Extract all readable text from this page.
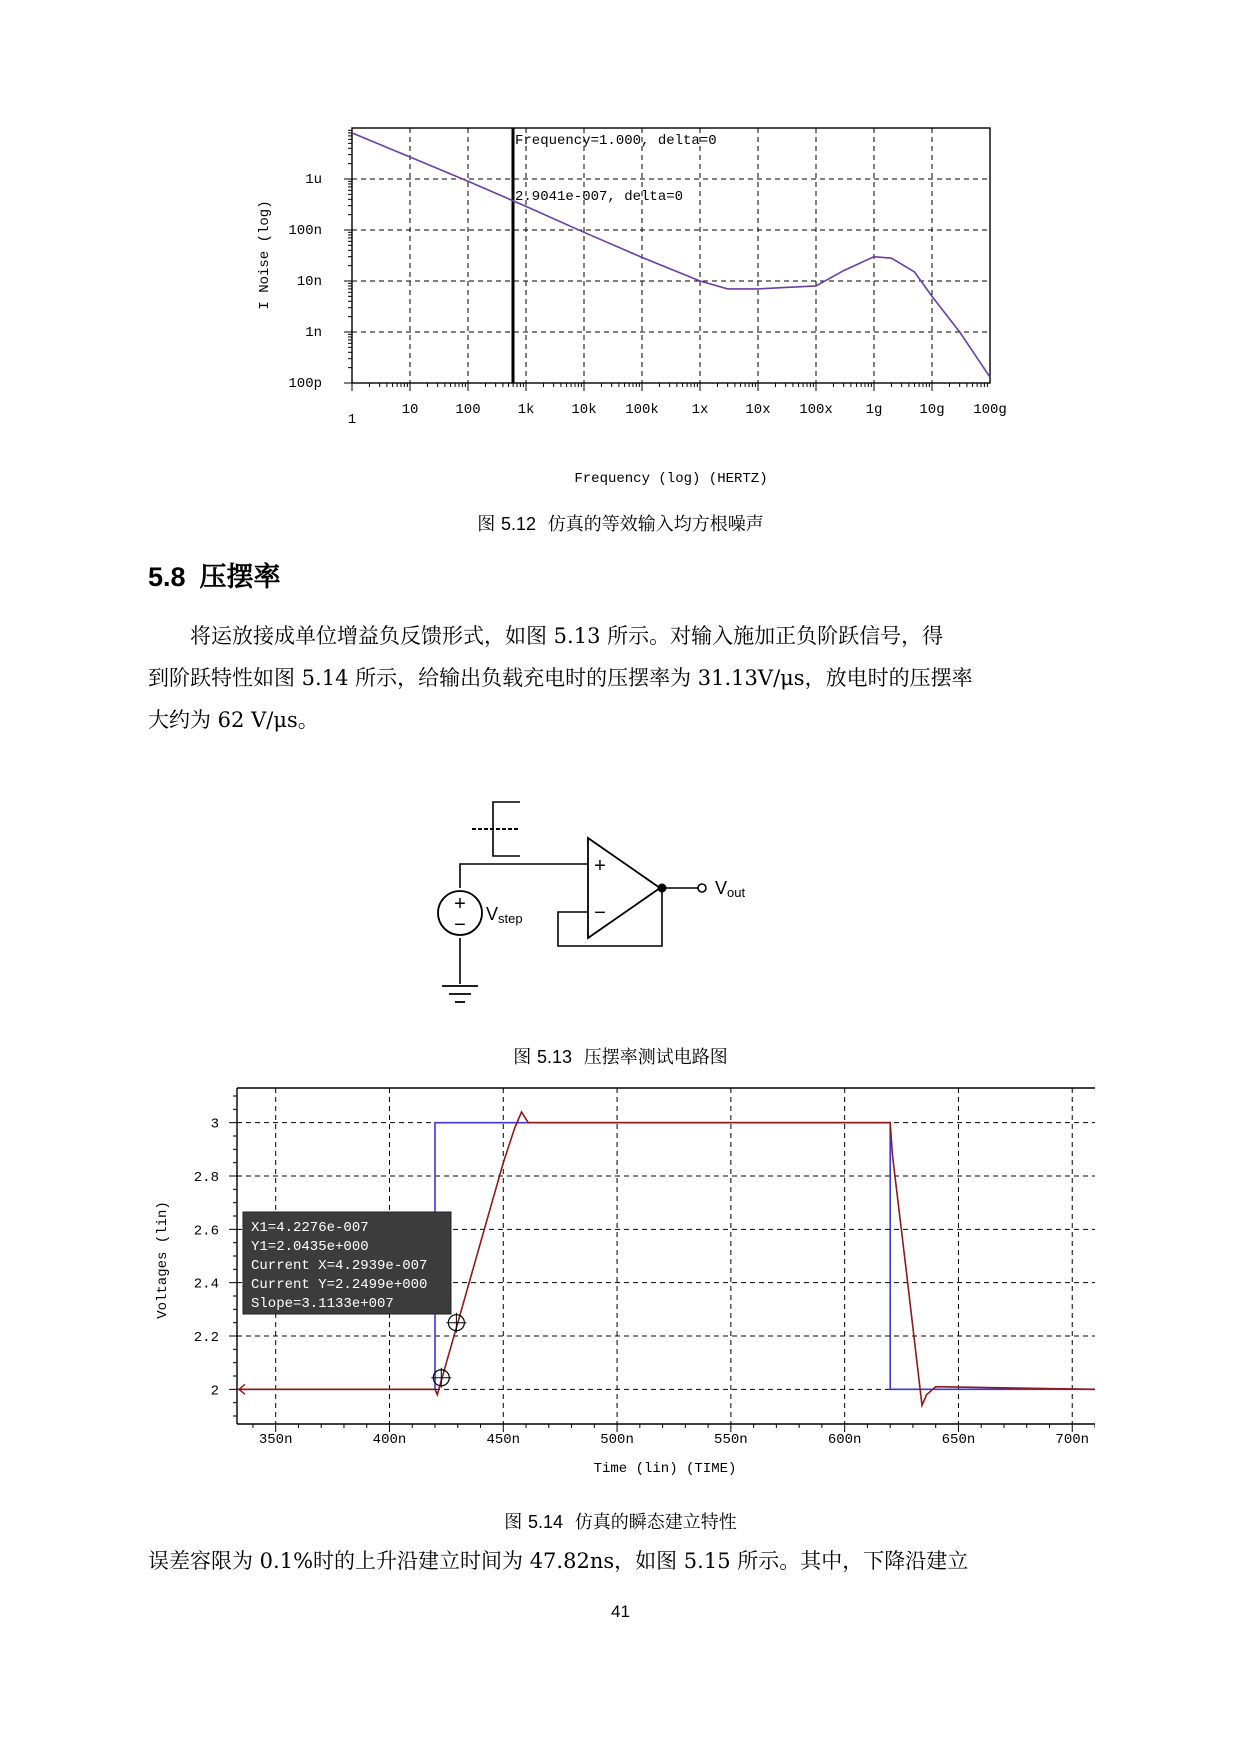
1
10	100	1k	10k 100k 1x	10x 100x 1g	10g 100g
1u
100n
10n
1n
100p
Frequency=1.000, delta=0
2.9041e-007, delta=0
I Noise (log)
Frequency (log) (HERTZ)
图 5.12 仿真的等效输入均方根噪声
5.8 压摆率

将运放接成单位增益负反馈形式，如图 5.13 所示。对输入施加正负阶跃信号，得

到阶跃特性如图 5.14 所示，给输出负载充电时的压摆率为 31.13V/μs，放电时的压摆率

大约为 62 V/μs。

+
−
Vout
+
− Vstep
图 5.13 压摆率测试电路图
350n	400n	450n	500n	550n	600n	650n	700n
3
2.8
2.6
2.4
2.2
2
Voltages (lin)
Time (lin) (TIME)
X1=4.2276e-007
Y1=2.0435e+000
Current X=4.2939e-007
Current Y=2.2499e+000
Slope=3.1133e+007
图 5.14 仿真的瞬态建立特性

误差容限为 0.1%时的上升沿建立时间为 47.82ns，如图 5.15 所示。其中，下降沿建立

41
